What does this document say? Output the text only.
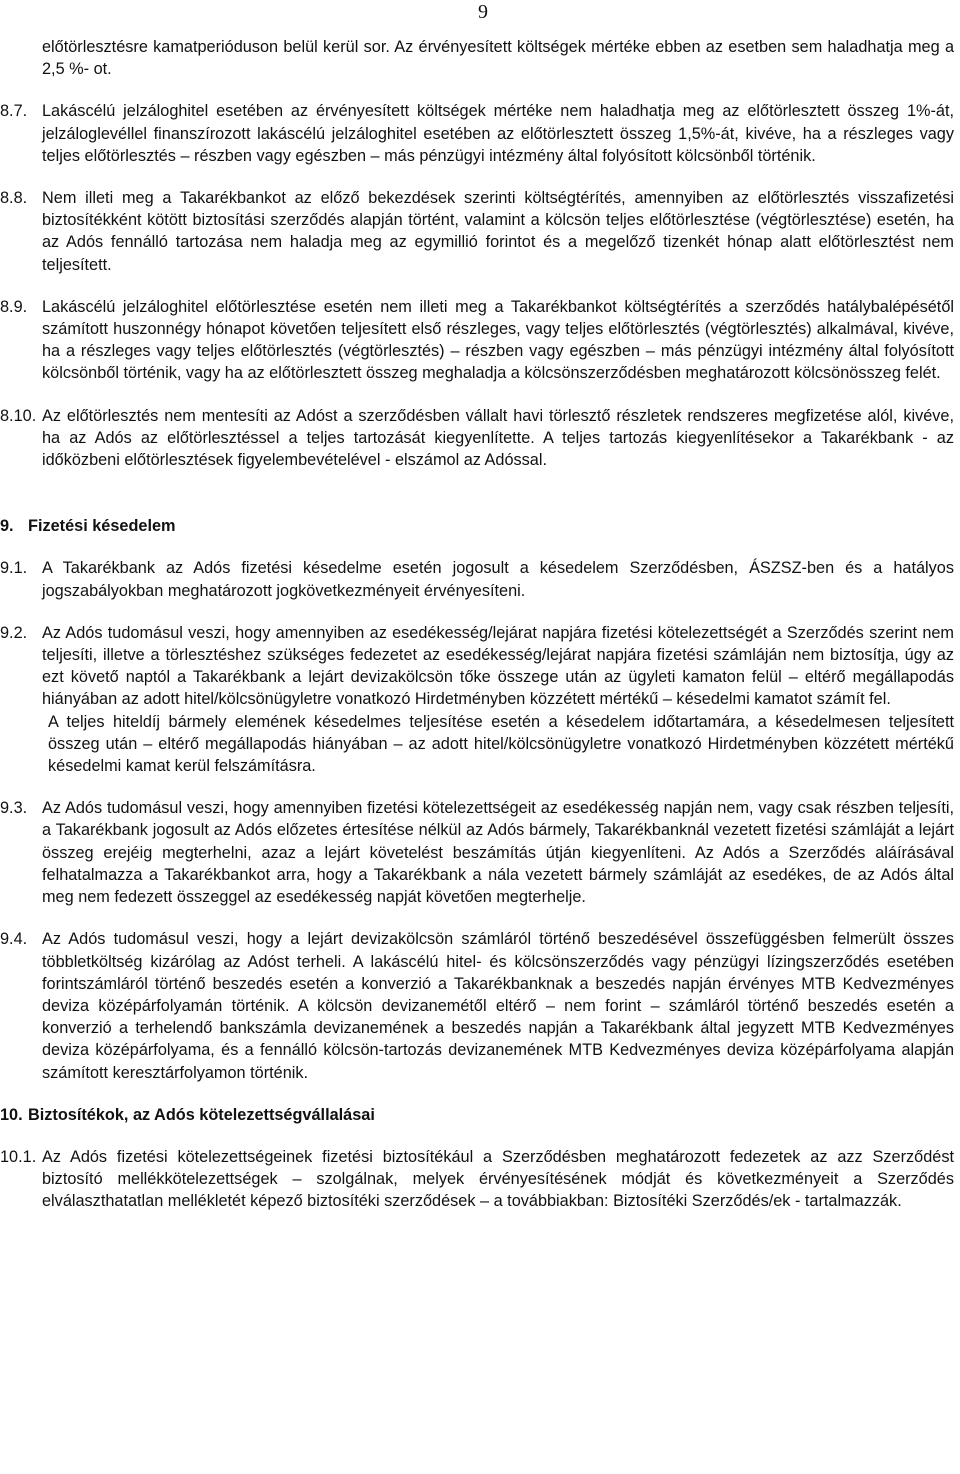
9

előtörlesztésre kamatperióduson belül kerül sor. Az érvényesített költségek mértéke ebben az esetben sem haladhatja meg a 2,5 %- ot.

8.7. Lakáscélú jelzáloghitel esetében az érvényesített költségek mértéke nem haladhatja meg az előtörlesztett összeg 1%-át, jelzáloglevéllel finanszírozott lakáscélú jelzáloghitel esetében az előtörlesztett összeg 1,5%-át, kivéve, ha a részleges vagy teljes előtörlesztés – részben vagy egészben – más pénzügyi intézmény által folyósított kölcsönből történik.
8.8. Nem illeti meg a Takarékbankot az előző bekezdések szerinti költségtérítés, amennyiben az előtörlesztés visszafizetési biztosítékként kötött biztosítási szerződés alapján történt, valamint a kölcsön teljes előtörlesztése (végtörlesztése) esetén, ha az Adós fennálló tartozása nem haladja meg az egymillió forintot és a megelőző tizenkét hónap alatt előtörlesztést nem teljesített.
8.9. Lakáscélú jelzáloghitel előtörlesztése esetén nem illeti meg a Takarékbankot költségtérítés a szerződés hatálybalépésétől számított huszonnégy hónapot követően teljesített első részleges, vagy teljes előtörlesztés (végtörlesztés) alkalmával, kivéve, ha a részleges vagy teljes előtörlesztés (végtörlesztés) – részben vagy egészben – más pénzügyi intézmény által folyósított kölcsönből történik, vagy ha az előtörlesztett összeg meghaladja a kölcsönszerződésben meghatározott kölcsönösszeg felét.
8.10. Az előtörlesztés nem mentesíti az Adóst a szerződésben vállalt havi törlesztő részletek rendszeres megfizetése alól, kivéve, ha az Adós az előtörlesztéssel a teljes tartozását kiegyenlítette. A teljes tartozás kiegyenlítésekor a Takarékbank - az időközbeni előtörlesztések figyelembevételével - elszámol az Adóssal.

9. Fizetési késedelem

9.1. A Takarékbank az Adós fizetési késedelme esetén jogosult a késedelem Szerződésben, ÁSZSZ-ben és a hatályos jogszabályokban meghatározott jogkövetkezményeit érvényesíteni.
9.2. Az Adós tudomásul veszi, hogy amennyiben az esedékesség/lejárat napjára fizetési kötelezettségét a Szerződés szerint nem teljesíti, illetve a törlesztéshez szükséges fedezetet az esedékesség/lejárat napjára fizetési számláján nem biztosítja, úgy az ezt követő naptól a Takarékbank a lejárt devizakölcsön tőke összege után az ügyleti kamaton felül – eltérő megállapodás hiányában az adott hitel/kölcsönügyletre vonatkozó Hirdetményben közzétett mértékű – késedelmi kamatot számít fel.

A teljes hiteldíj bármely elemének késedelmes teljesítése esetén a késedelem időtartamára, a késedelmesen teljesített összeg után – eltérő megállapodás hiányában – az adott hitel/kölcsönügyletre vonatkozó Hirdetményben közzétett mértékű késedelmi kamat kerül felszámításra.

9.3. Az Adós tudomásul veszi, hogy amennyiben fizetési kötelezettségeit az esedékesség napján nem, vagy csak részben teljesíti, a Takarékbank jogosult az Adós előzetes értesítése nélkül az Adós bármely, Takarékbanknál vezetett fizetési számláját a lejárt összeg erejéig megterhelni, azaz a lejárt követelést beszámítás útján kiegyenlíteni. Az Adós a Szerződés aláírásával felhatalmazza a Takarékbankot arra, hogy a Takarékbank a nála vezetett bármely számláját az esedékes, de az Adós által meg nem fedezett összeggel az esedékesség napját követően megterhelje.
9.4. Az Adós tudomásul veszi, hogy a lejárt devizakölcsön számláról történő beszedésével összefüggésben felmerült összes többletköltség kizárólag az Adóst terheli. A lakáscélú hitel- és kölcsönszerződés vagy pénzügyi lízingszerződés esetében forintszámláról történő beszedés esetén a konverzió a Takarékbanknak a beszedés napján érvényes MTB Kedvezményes deviza középárfolyamán történik. A kölcsön devizanemétől eltérő – nem forint – számláról történő beszedés esetén a konverzió a terhelendő bankszámla devizanemének a beszedés napján a Takarékbank által jegyzett MTB Kedvezményes deviza középárfolyama, és a fennálló kölcsön-tartozás devizanemének MTB Kedvezményes deviza középárfolyama alapján számított keresztárfolyamon történik.

10. Biztosítékok, az Adós kötelezettségvállalásai

10.1. Az Adós fizetési kötelezettségeinek fizetési biztosítékául a Szerződésben meghatározott fedezetek az azz Szerződést biztosító mellékkötelezettségek – szolgálnak, melyek érvényesítésének módját és következményeit a Szerződés elválaszthatatlan mellékletét képező biztosítéki szerződések – a továbbiakban: Biztosítéki Szerződés/ek - tartalmazzák.
